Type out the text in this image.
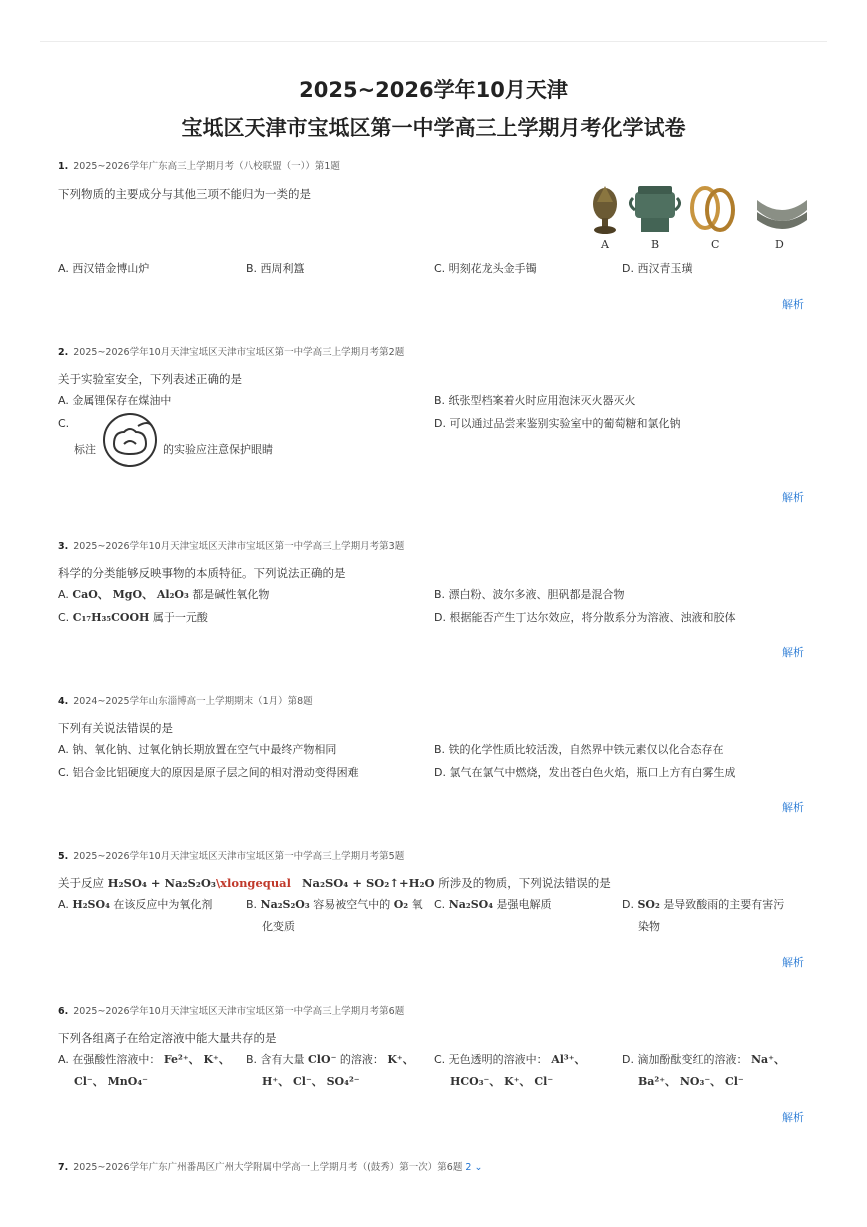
2025~2026学年10月天津
宝坻区天津市宝坻区第一中学高三上学期月考化学试卷
1. 2025~2026学年广东高三上学期月考（八校联盟（一））第1题
下列物质的主要成分与其他三项不能归为一类的是
A	B	C	D
A. 西汉错金博山炉	B. 西周利簋	C. 明刻花龙头金手镯	D. 西汉青玉璜
解析
2. 2025~2026学年10月天津宝坻区天津市宝坻区第一中学高三上学期月考第2题
关于实验室安全，下列表述正确的是
A. 金属锂保存在煤油中	B. 纸张型档案着火时应用泡沫灭火器灭火
C.
标注	的实验应注意保护眼睛
D. 可以通过品尝来鉴别实验室中的葡萄糖和氯化钠
解析
3. 2025~2026学年10月天津宝坻区天津市宝坻区第一中学高三上学期月考第3题
科学的分类能够反映事物的本质特征。下列说法正确的是
A. CaO、 MgO、 Al₂O₃ 都是碱性氧化物	B. 漂白粉、波尔多液、胆矾都是混合物
C. C₁₇H₃₅COOH 属于一元酸	D. 根据能否产生丁达尔效应，将分散系分为溶液、浊液和胶体
解析
4. 2024~2025学年山东淄博高一上学期期末（1月）第8题
下列有关说法错误的是
A. 钠、氧化钠、过氧化钠长期放置在空气中最终产物相同	B. 铁的化学性质比较活泼，自然界中铁元素仅以化合态存在
C. 铝合金比铝硬度大的原因是原子层之间的相对滑动变得困难	D. 氯气在氯气中燃烧，发出苍白色火焰，瓶口上方有白雾生成
解析
5. 2025~2026学年10月天津宝坻区天津市宝坻区第一中学高三上学期月考第5题
关于反应 H₂SO₄ + Na₂S₂O₃\xlongequal Na₂SO₄ + SO₂↑+H₂O 所涉及的物质，下列说法错误的是
A. H₂SO₄ 在该反应中为氧化剂	B. Na₂S₂O₃ 容易被空气中的 O₂ 氧
化变质
C. Na₂SO₄ 是强电解质	D. SO₂ 是导致酸雨的主要有害污
染物
解析
6. 2025~2026学年10月天津宝坻区天津市宝坻区第一中学高三上学期月考第6题
下列各组离子在给定溶液中能大量共存的是
A. 在强酸性溶液中： Fe²⁺、 K⁺、
Cl⁻、 MnO₄⁻
B. 含有大量 ClO⁻ 的溶液： K⁺、
H⁺、 Cl⁻、 SO₄²⁻
C. 无色透明的溶液中： Al³⁺、
HCO₃⁻、 K⁺、 Cl⁻
D. 滴加酚酞变红的溶液： Na⁺、
Ba²⁺、 NO₃⁻、 Cl⁻
解析
7. 2025~2026学年广东广州番禺区广州大学附属中学高一上学期月考（(鼓秀）第一次）第6题 2 ⌄
